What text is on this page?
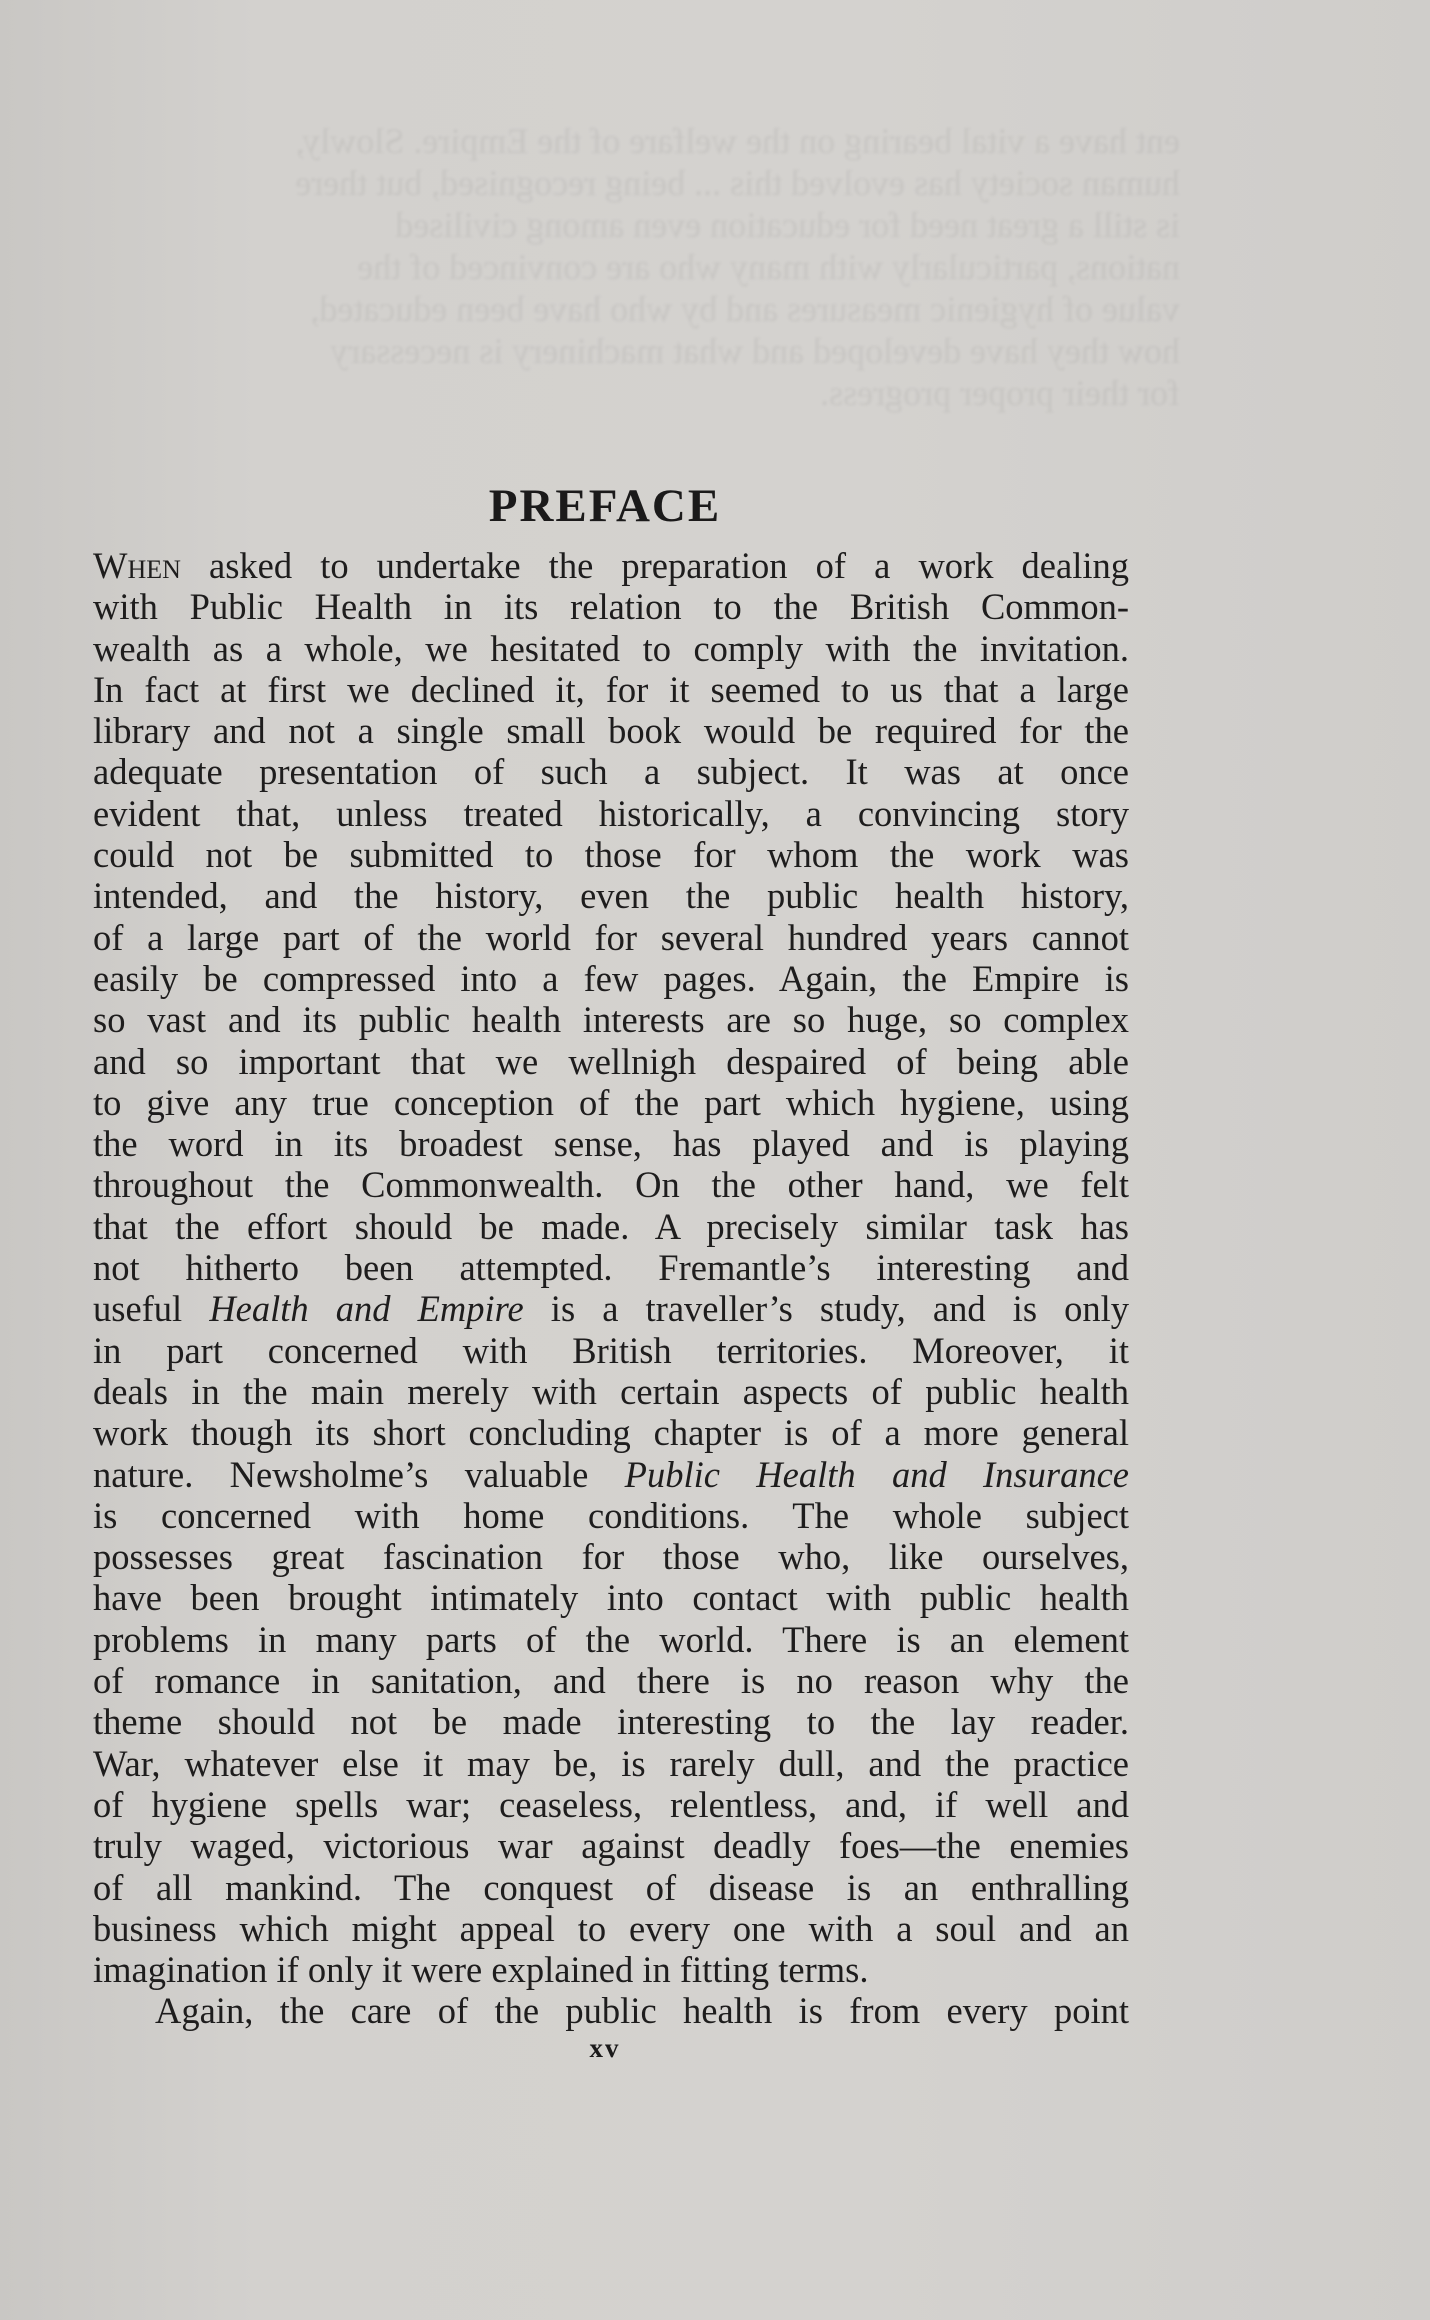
ent have a vital bearing on the welfare of the Empire. Slowly,
human society has evolved this ... being recognised, but there
is still a great need for education even among civilised
nations, particularly with many who are convinced of the
value of hygienic measures and by who have been educated,
how they have developed and what machinery is necessary
for their proper progress.
PREFACE
When asked to undertake the preparation of a work dealing
with Public Health in its relation to the British Common-
wealth as a whole, we hesitated to comply with the invitation.
In fact at first we declined it, for it seemed to us that a large
library and not a single small book would be required for the
adequate presentation of such a subject. It was at once
evident that, unless treated historically, a convincing story
could not be submitted to those for whom the work was
intended, and the history, even the public health history,
of a large part of the world for several hundred years cannot
easily be compressed into a few pages. Again, the Empire is
so vast and its public health interests are so huge, so complex
and so important that we wellnigh despaired of being able
to give any true conception of the part which hygiene, using
the word in its broadest sense, has played and is playing
throughout the Commonwealth. On the other hand, we felt
that the effort should be made. A precisely similar task has
not hitherto been attempted. Fremantle’s interesting and
useful Health and Empire is a traveller’s study, and is only
in part concerned with British territories. Moreover, it
deals in the main merely with certain aspects of public health
work though its short concluding chapter is of a more general
nature. Newsholme’s valuable Public Health and Insurance
is concerned with home conditions. The whole subject
possesses great fascination for those who, like ourselves,
have been brought intimately into contact with public health
problems in many parts of the world. There is an element
of romance in sanitation, and there is no reason why the
theme should not be made interesting to the lay reader.
War, whatever else it may be, is rarely dull, and the practice
of hygiene spells war; ceaseless, relentless, and, if well and
truly waged, victorious war against deadly foes—the enemies
of all mankind. The conquest of disease is an enthralling
business which might appeal to every one with a soul and an
imagination if only it were explained in fitting terms.
Again, the care of the public health is from every point
xv
